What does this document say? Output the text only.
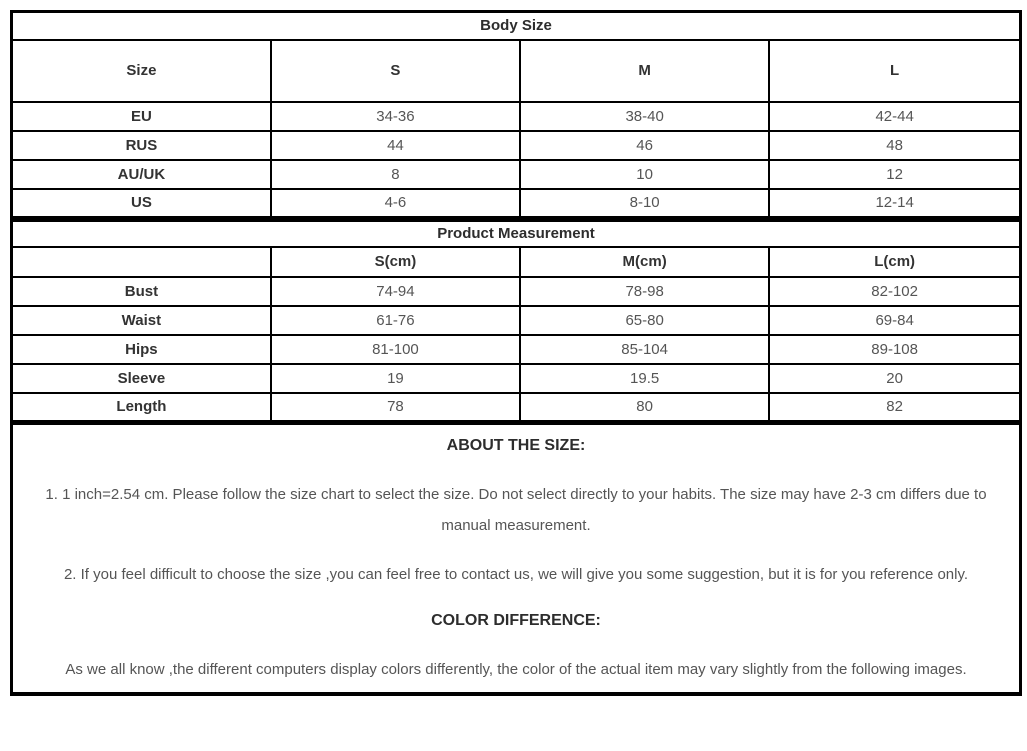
Body Size			
Size	S	M	L
EU	34-36	38-40	42-44
RUS	44	46	48
AU/UK	8	10	12
US	4-6	8-10	12-14
Product Measurement			
	S(cm)	M(cm)	L(cm)
Bust	74-94	78-98	82-102
Waist	61-76	65-80	69-84
Hips	81-100	85-104	89-108
Sleeve	19	19.5	20
Length	78	80	82

ABOUT THE SIZE:

1. 1 inch=2.54 cm. Please follow the size chart to select the size. Do not select directly to your habits. The size may have 2-3 cm differs due to manual measurement.

2. If you feel difficult to choose the size ,you can feel free to contact us, we will give you some suggestion, but it is for you reference only.

COLOR DIFFERENCE:

As we all know ,the different computers display colors differently, the color of the actual item may vary slightly from the following images.
